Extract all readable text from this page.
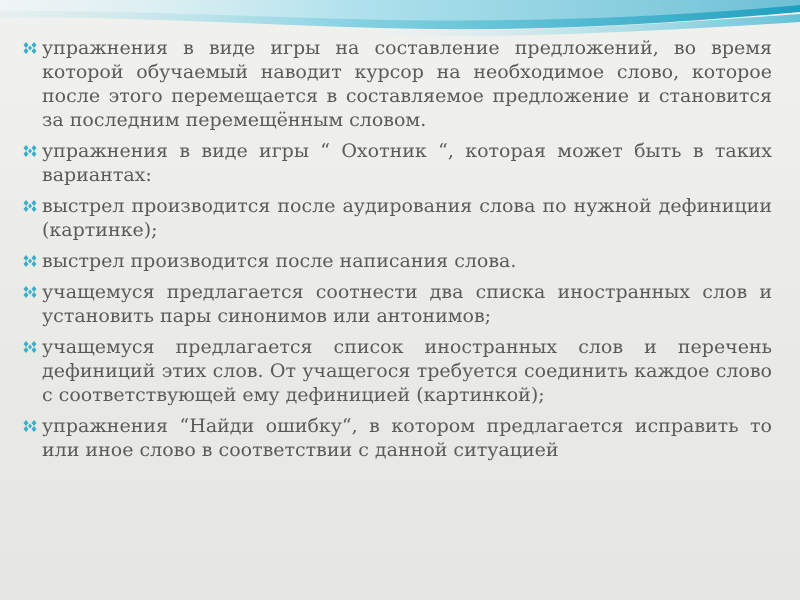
упражнения в виде игры на составление предложений, во время которой обучаемый наводит курсор на необходимое слово, которое после этого перемещается в составляемое предложение и становится за последним перемещённым словом.
упражнения в виде игры “ Охотник “, которая может быть в таких вариантах:
выстрел производится после аудирования слова по нужной дефиниции (картинке);
выстрел производится после написания слова.
учащемуся предлагается соотнести два списка иностранных слов и установить пары синонимов или антонимов;
учащемуся предлагается список иностранных слов и перечень дефиниций этих слов. От учащегося требуется соединить каждое слово с соответствующей ему дефиницией (картинкой);
упражнения “Найди ошибку“, в котором предлагается исправить то или иное слово в соответствии с данной ситуацией
